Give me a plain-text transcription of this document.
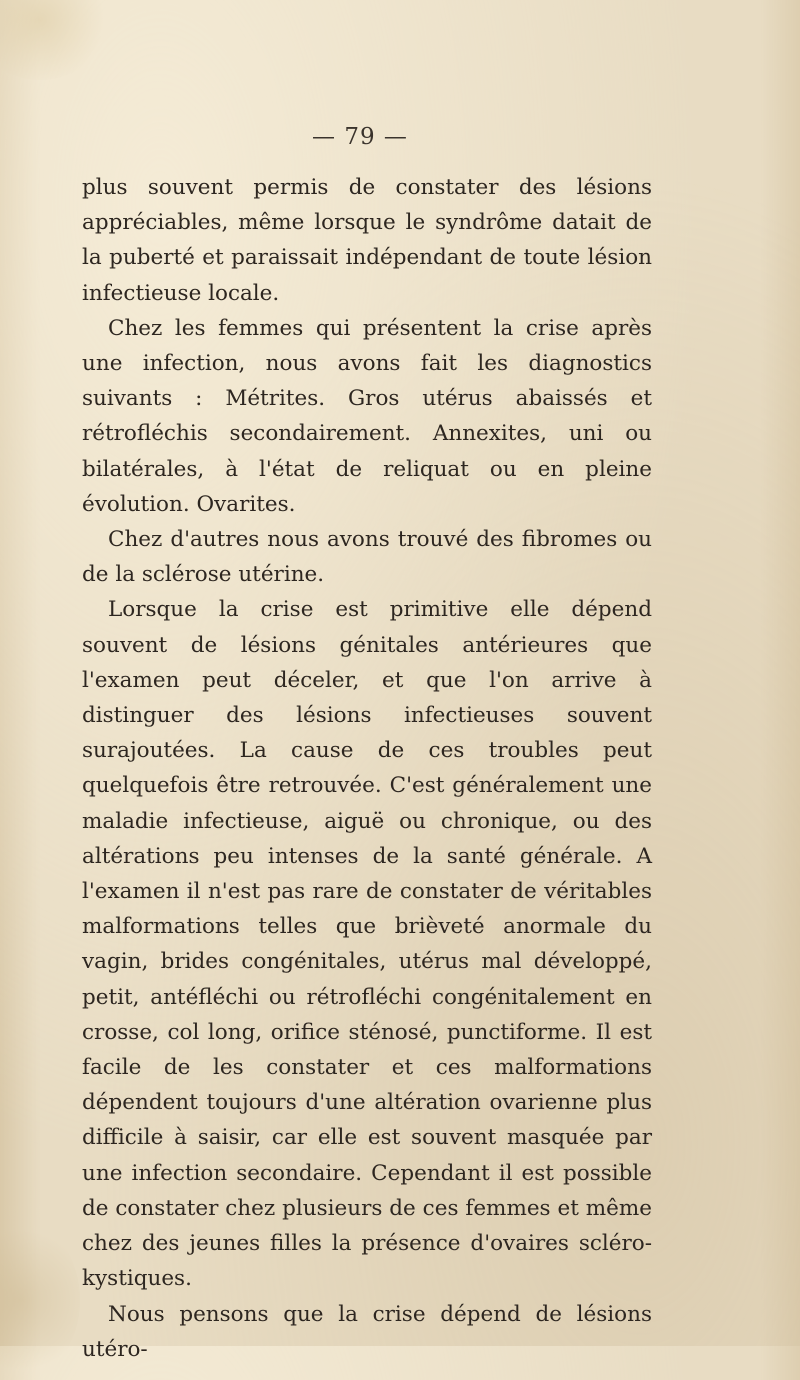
— 79 —

plus souvent permis de constater des lésions appréciables, même lorsque le syndrôme datait de la puberté et paraissait indépendant de toute lésion infectieuse locale.

Chez les femmes qui présentent la crise après une infection, nous avons fait les diagnostics suivants : Métrites. Gros utérus abaissés et rétrofléchis secondairement. Annexites, uni ou bilatérales, à l'état de reliquat ou en pleine évolution. Ovarites.

Chez d'autres nous avons trouvé des fibromes ou de la sclérose utérine.

Lorsque la crise est primitive elle dépend souvent de lésions génitales antérieures que l'examen peut déceler, et que l'on arrive à distinguer des lésions infectieuses souvent surajoutées. La cause de ces troubles peut quelquefois être retrouvée. C'est généralement une maladie infectieuse, aiguë ou chronique, ou des altérations peu intenses de la santé générale. A l'examen il n'est pas rare de constater de véritables malformations telles que brièveté anormale du vagin, brides congénitales, utérus mal développé, petit, antéfléchi ou rétrofléchi congénitalement en crosse, col long, orifice sténosé, punctiforme. Il est facile de les constater et ces malformations dépendent toujours d'une altération ovarienne plus difficile à saisir, car elle est souvent masquée par une infection secondaire. Cependant il est possible de constater chez plusieurs de ces femmes et même chez des jeunes filles la présence d'ovaires scléro-kystiques.

Nous pensons que la crise dépend de lésions utéro-
